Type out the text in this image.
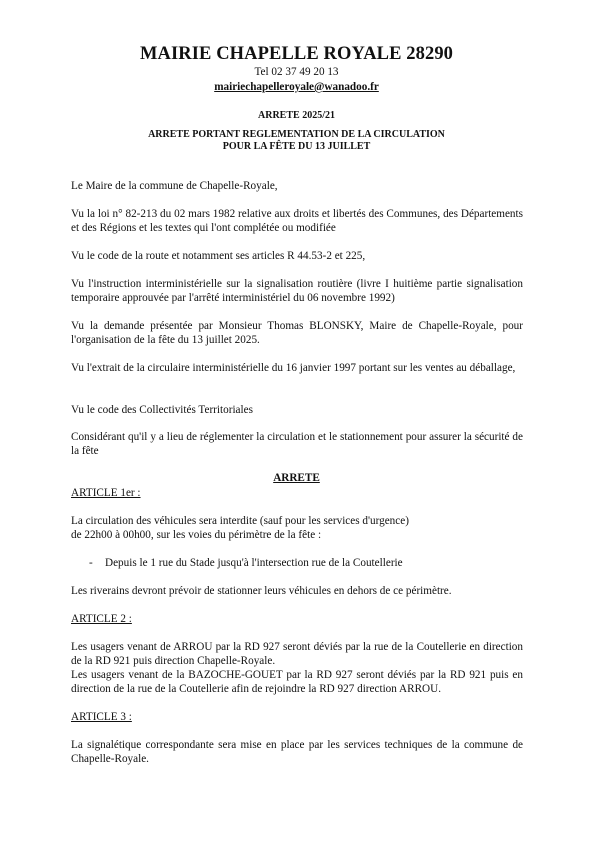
MAIRIE CHAPELLE ROYALE 28290
Tel 02 37 49 20 13
mairiechapelleroyale@wanadoo.fr
ARRETE 2025/21
ARRETE PORTANT REGLEMENTATION DE LA CIRCULATION
POUR LA FÊTE DU 13 JUILLET
Le Maire de la commune de Chapelle-Royale,
Vu la loi n° 82-213 du 02 mars 1982 relative aux droits et libertés des Communes, des Départements et des Régions et les textes qui l'ont complétée ou modifiée
Vu le code de la route et notamment ses articles R 44.53-2 et 225,
Vu l'instruction interministérielle sur la signalisation routière (livre I huitième partie signalisation temporaire approuvée par l'arrêté interministériel du 06 novembre 1992)
Vu la demande présentée par Monsieur Thomas BLONSKY, Maire de Chapelle-Royale, pour l'organisation de la fête du 13 juillet 2025.
Vu l'extrait de la circulaire interministérielle du 16 janvier 1997 portant sur les ventes au déballage,
Vu le code des Collectivités Territoriales
Considérant qu'il y a lieu de réglementer la circulation et le stationnement pour assurer la sécurité de la fête
ARRETE
ARTICLE 1er :
La circulation des véhicules sera interdite (sauf pour les services d'urgence)
de 22h00 à 00h00, sur les voies du périmètre de la fête :
- Depuis le 1 rue du Stade jusqu'à l'intersection rue de la Coutellerie
Les riverains devront prévoir de stationner leurs véhicules en dehors de ce périmètre.
ARTICLE 2 :
Les usagers venant de ARROU par la RD 927 seront déviés par la rue de la Coutellerie en direction de la RD 921 puis direction Chapelle-Royale.
Les usagers venant de la BAZOCHE-GOUET par la RD 927 seront déviés par la RD 921 puis en direction de la rue de la Coutellerie afin de rejoindre la RD 927 direction ARROU.
ARTICLE 3 :
La signalétique correspondante sera mise en place par les services techniques de la commune de Chapelle-Royale.
